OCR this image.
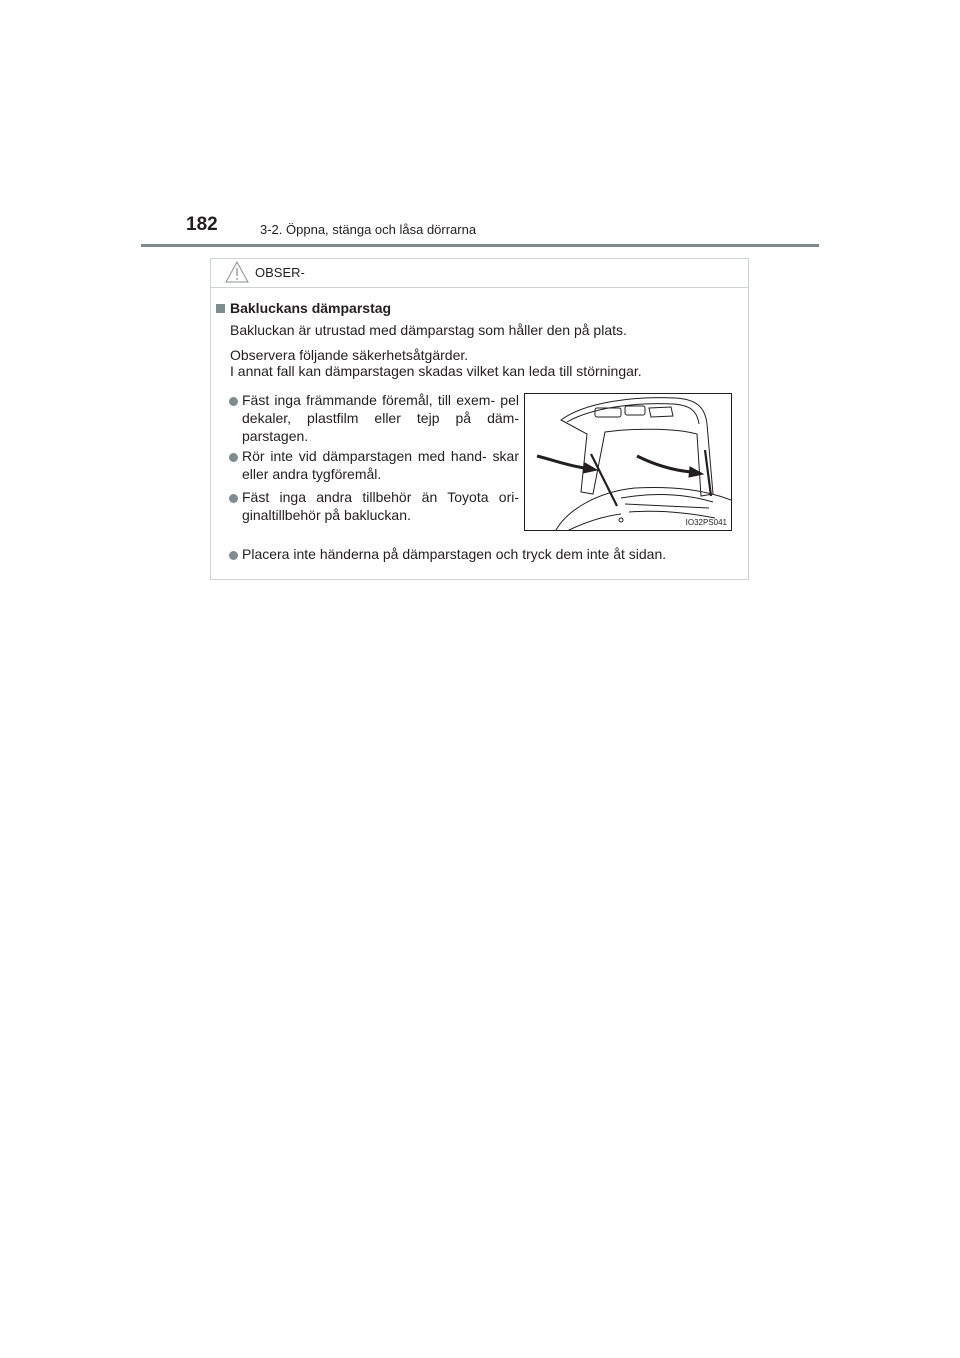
182	3-2. Öppna, stänga och låsa dörrarna
OBSER-
Bakluckans dämparstag
Bakluckan är utrustad med dämparstag som håller den på plats.
Observera följande säkerhetsåtgärder.
I annat fall kan dämparstagen skadas vilket kan leda till störningar.
Fäst inga främmande föremål, till exem- pel dekaler, plastfilm eller tejp på däm- parstagen.
Rör inte vid dämparstagen med hand- skar eller andra tygföremål.
Fäst inga andra tillbehör än Toyota ori- ginaltillbehör på bakluckan.
Placera inte händerna på dämparstagen och tryck dem inte åt sidan.
IO32PS041
